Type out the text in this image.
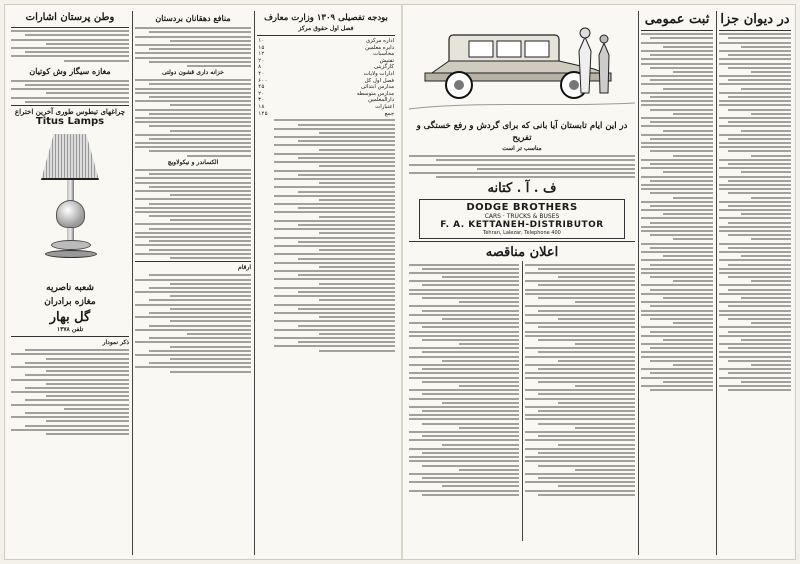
وطن پرستان اشارات
مغازه سیگار وش کوتیان
چراغهای تیطوس طوری آخرین اختراع
Titus Lamps
شعبه ناصریه
مغازه برادران
گل بهار
تلفن ۱۳۷۸
ذکر نمودار
منافع دهقانان بردستان
خزانه داری قشون دولتی
الکساندر و نیکولاویچ
ارقام
بودجه تفصیلی ۱۳۰۹ وزارت معارف
فصل اول حقوق مرکز
اداره مرکزی	۱۰
دایره معلمین	۱۵
محاسبات	۱۲
تفتیش	۲۰
کارگزینی	۸
ادارات ولایات	۴۰
فصل اول کل	۶۰۰
مدارس ابتدائی	۴۵
مدارس متوسطه	۲۰
دارالمعلمین	۳۰
اعتبارات	۱۸
جمع	۱۴۵
در این ایام تابستان آیا بانی که برای گردش و رفع خستگی و تفریح
مناسب تر است
ف . آ . کتانه
DODGE BROTHERS
CARS · TRUCKS & BUSES
F. A. KETTANEH-DISTRIBUTOR
Tehran, Lalezar, Telephone 400
اعلان مناقصه
ثبت عمومی در دیوان جزا
